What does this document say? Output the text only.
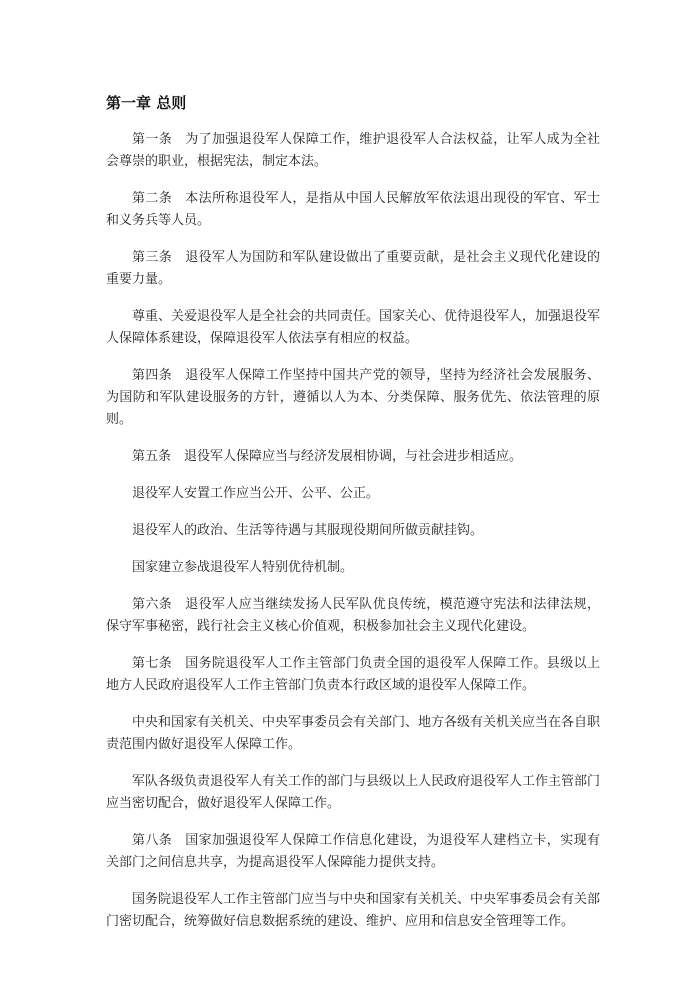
第一章 总则

第一条 为了加强退役军人保障工作，维护退役军人合法权益，让军人成为全社会尊崇的职业，根据宪法，制定本法。

第二条 本法所称退役军人，是指从中国人民解放军依法退出现役的军官、军士和义务兵等人员。

第三条 退役军人为国防和军队建设做出了重要贡献，是社会主义现代化建设的重要力量。

尊重、关爱退役军人是全社会的共同责任。国家关心、优待退役军人，加强退役军人保障体系建设，保障退役军人依法享有相应的权益。

第四条 退役军人保障工作坚持中国共产党的领导，坚持为经济社会发展服务、为国防和军队建设服务的方针，遵循以人为本、分类保障、服务优先、依法管理的原则。

第五条 退役军人保障应当与经济发展相协调，与社会进步相适应。

退役军人安置工作应当公开、公平、公正。

退役军人的政治、生活等待遇与其服现役期间所做贡献挂钩。

国家建立参战退役军人特别优待机制。

第六条 退役军人应当继续发扬人民军队优良传统，模范遵守宪法和法律法规，保守军事秘密，践行社会主义核心价值观，积极参加社会主义现代化建设。

第七条 国务院退役军人工作主管部门负责全国的退役军人保障工作。县级以上地方人民政府退役军人工作主管部门负责本行政区域的退役军人保障工作。

中央和国家有关机关、中央军事委员会有关部门、地方各级有关机关应当在各自职责范围内做好退役军人保障工作。

军队各级负责退役军人有关工作的部门与县级以上人民政府退役军人工作主管部门应当密切配合，做好退役军人保障工作。

第八条 国家加强退役军人保障工作信息化建设，为退役军人建档立卡，实现有关部门之间信息共享，为提高退役军人保障能力提供支持。

国务院退役军人工作主管部门应当与中央和国家有关机关、中央军事委员会有关部门密切配合，统筹做好信息数据系统的建设、维护、应用和信息安全管理等工作。
